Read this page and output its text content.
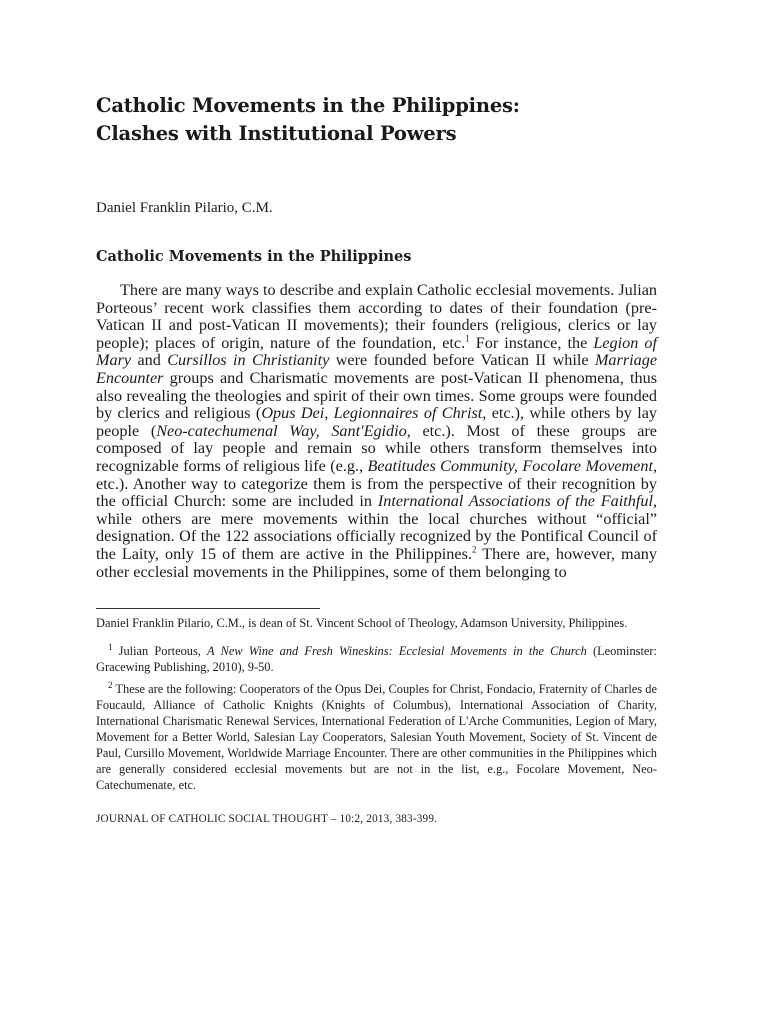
Catholic Movements in the Philippines:
Clashes with Institutional Powers

Daniel Franklin Pilario, C.M.

Catholic Movements in the Philippines

There are many ways to describe and explain Catholic ecclesial movements. Julian Porteous’ recent work classifies them according to dates of their foundation (pre-Vatican II and post-Vatican II movements); their founders (religious, clerics or lay people); places of origin, nature of the foundation, etc.$^1$ For instance, the Legion of Mary and Cursillos in Christianity were founded before Vatican II while Marriage Encounter groups and Charismatic movements are post-Vatican II phenomena, thus also revealing the theologies and spirit of their own times. Some groups were founded by clerics and religious (Opus Dei, Legionnaires of Christ, etc.), while others by lay people (Neo-catechumenal Way, Sant'Egidio, etc.). Most of these groups are composed of lay people and remain so while others transform themselves into recognizable forms of religious life (e.g., Beatitudes Community, Focolare Movement, etc.). Another way to categorize them is from the perspective of their recognition by the official Church: some are included in International Associations of the Faithful, while others are mere movements within the local churches without “official” designation. Of the 122 associations officially recognized by the Pontifical Council of the Laity, only 15 of them are active in the Philippines.$^2$ There are, however, many other ecclesial movements in the Philippines, some of them belonging to

Daniel Franklin Pilario, C.M., is dean of St. Vincent School of Theology, Adamson University, Philippines.

$^1$ Julian Porteous, A New Wine and Fresh Wineskins: Ecclesial Movements in the Church (Leominster: Gracewing Publishing, 2010), 9-50.

$^2$ These are the following: Cooperators of the Opus Dei, Couples for Christ, Fondacio, Fraternity of Charles de Foucauld, Alliance of Catholic Knights (Knights of Columbus), International Association of Charity, International Charismatic Renewal Services, International Federation of L'Arche Communities, Legion of Mary, Movement for a Better World, Salesian Lay Cooperators, Salesian Youth Movement, Society of St. Vincent de Paul, Cursillo Movement, Worldwide Marriage Encounter. There are other communities in the Philippines which are generally considered ecclesial movements but are not in the list, e.g., Focolare Movement, Neo-Catechumenate, etc.

JOURNAL OF CATHOLIC SOCIAL THOUGHT – 10:2, 2013, 383-399.
